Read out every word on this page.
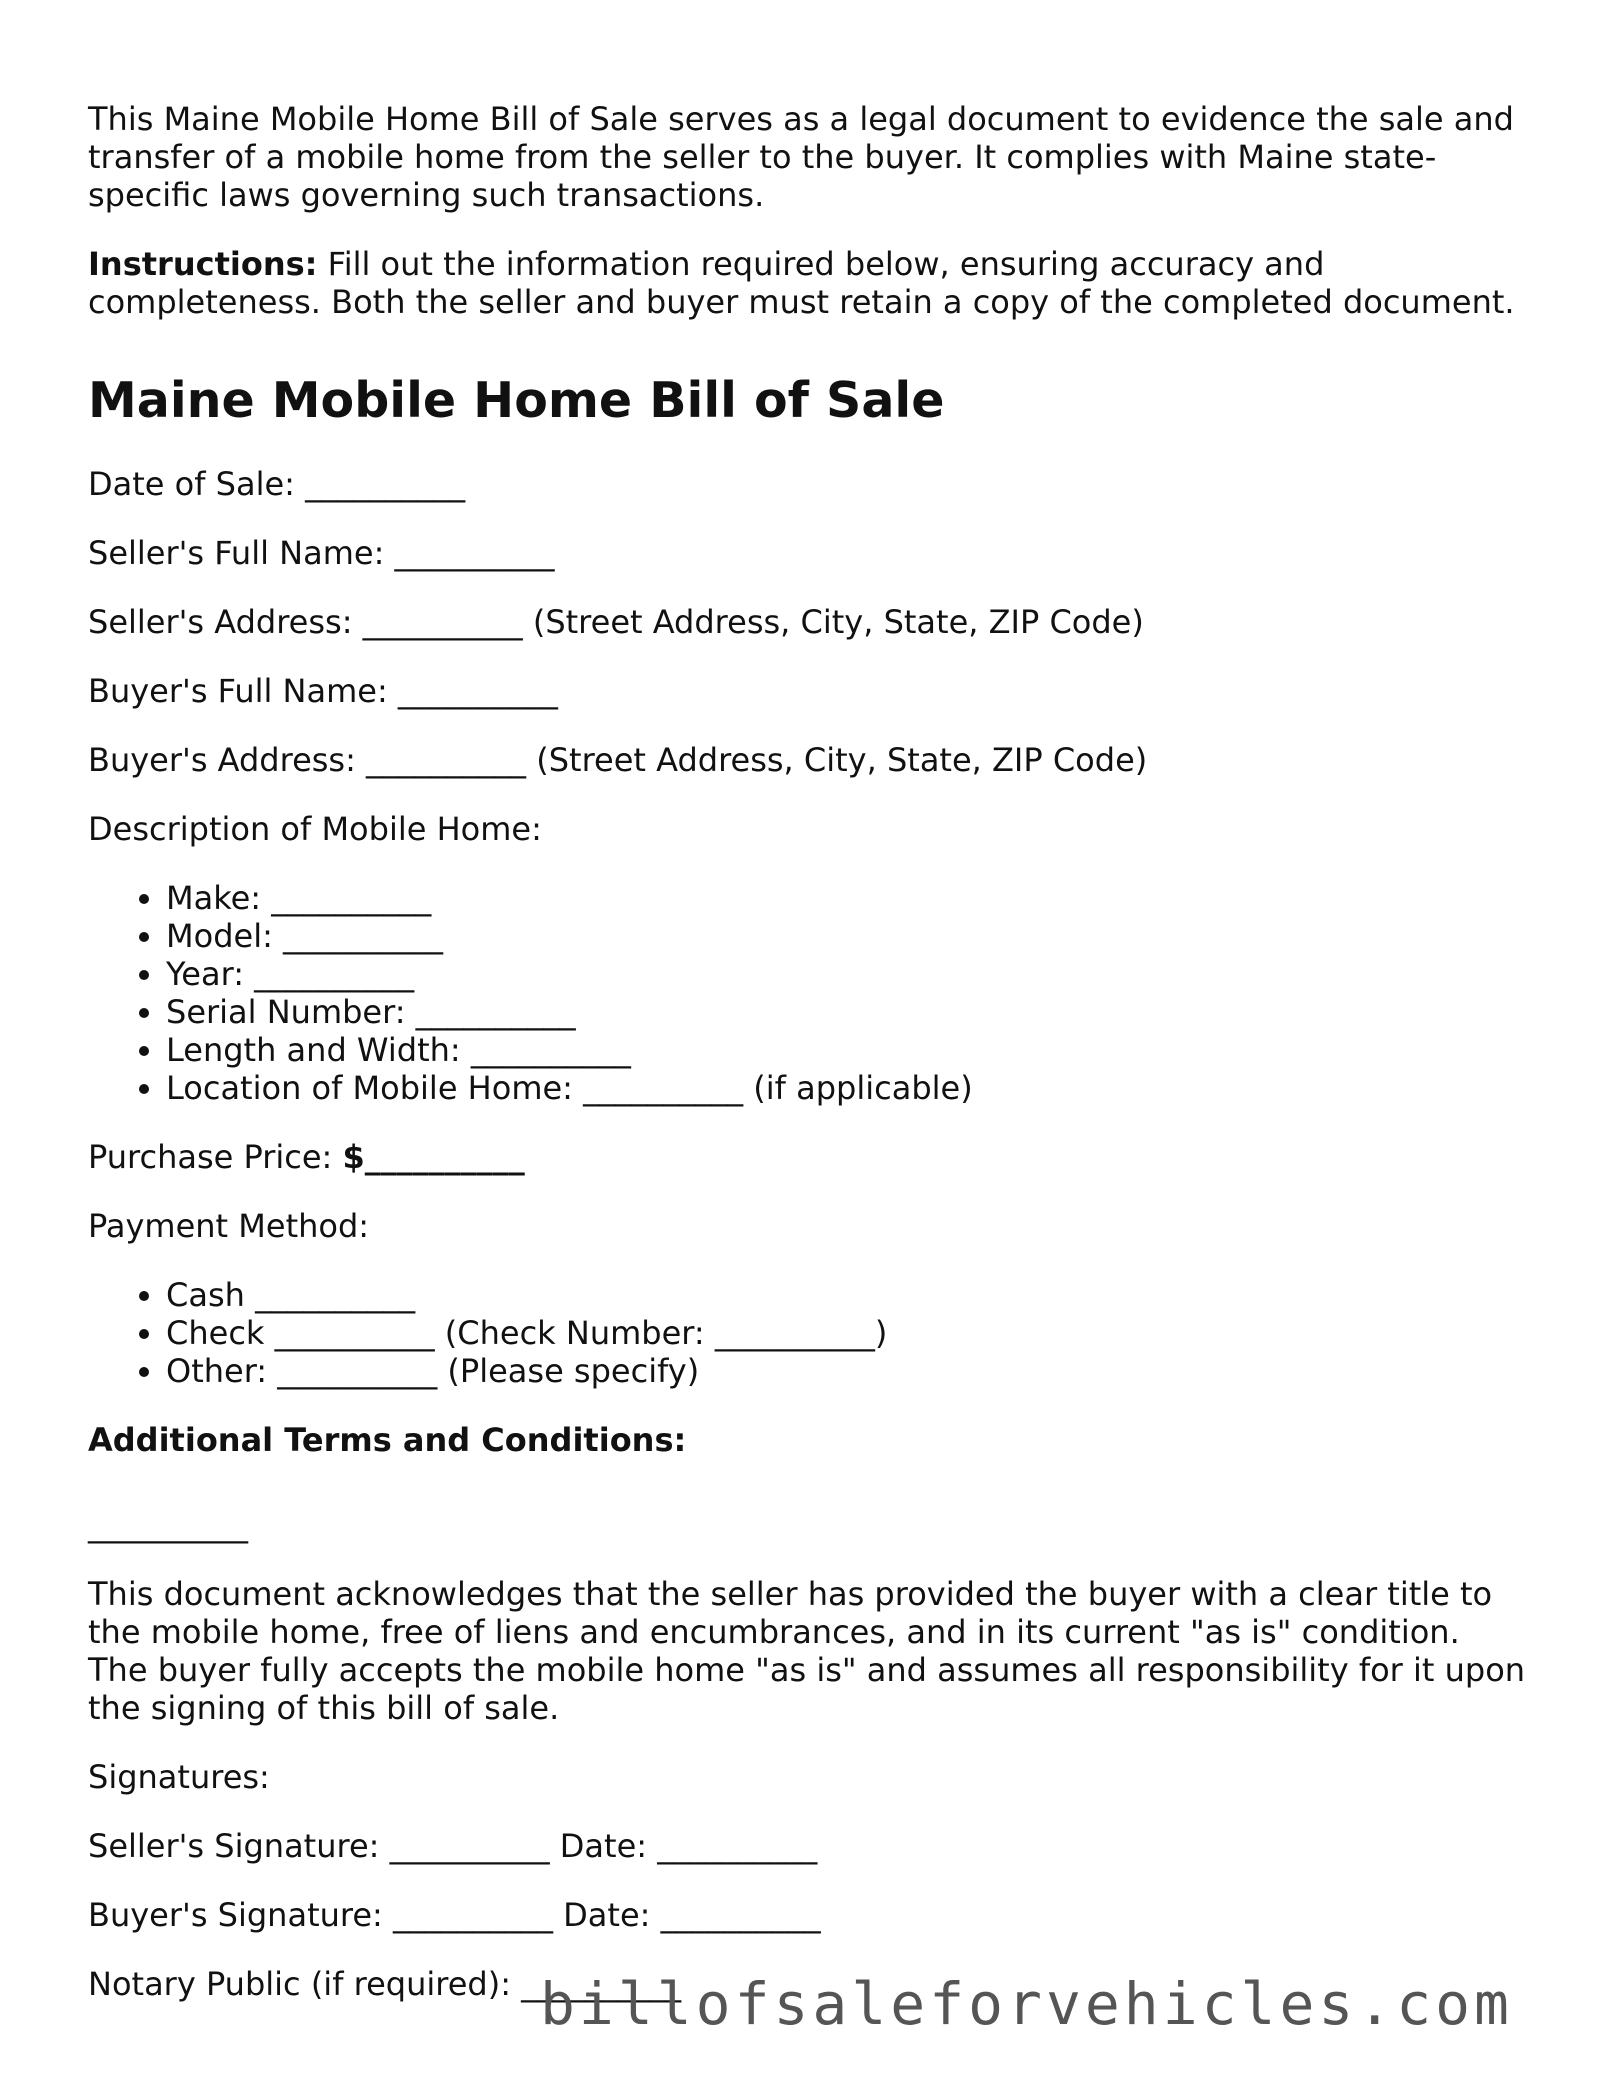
This Maine Mobile Home Bill of Sale serves as a legal document to evidence the sale and transfer of a mobile home from the seller to the buyer. It complies with Maine state-specific laws governing such transactions.

Instructions: Fill out the information required below, ensuring accuracy and completeness. Both the seller and buyer must retain a copy of the completed document.

Maine Mobile Home Bill of Sale

Date of Sale: __________

Seller's Full Name: __________

Seller's Address: __________ (Street Address, City, State, ZIP Code)

Buyer's Full Name: __________

Buyer's Address: __________ (Street Address, City, State, ZIP Code)

Description of Mobile Home:

• Make: __________
• Model: __________
• Year: __________
• Serial Number: __________
• Length and Width: __________
• Location of Mobile Home: __________ (if applicable)

Purchase Price: $__________

Payment Method:

• Cash __________
• Check __________ (Check Number: __________)
• Other: __________ (Please specify)

Additional Terms and Conditions:

__________

This document acknowledges that the seller has provided the buyer with a clear title to the mobile home, free of liens and encumbrances, and in its current "as is" condition. The buyer fully accepts the mobile home "as is" and assumes all responsibility for it upon the signing of this bill of sale.

Signatures:

Seller's Signature: __________ Date: __________

Buyer's Signature: __________ Date: __________

Notary Public (if required): __________

billofsaleforvehicles.com
